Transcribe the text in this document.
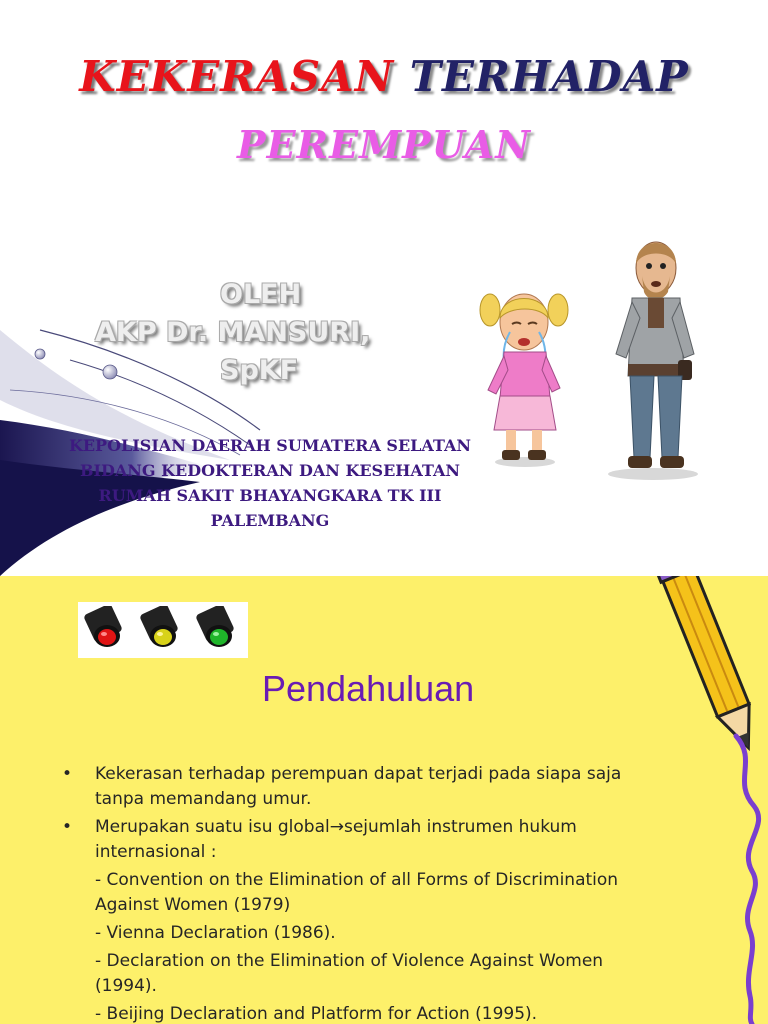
KEKERASAN TERHADAP
PEREMPUAN
OLEH
AKP Dr. MANSURI,
SpKF
KEPOLISIAN DAERAH SUMATERA SELATAN
BIDANG KEDOKTERAN DAN KESEHATAN
RUMAH SAKIT BHAYANGKARA TK III
PALEMBANG
Pendahuluan
• Kekerasan terhadap perempuan dapat terjadi pada siapa saja tanpa memandang umur.
• Merupakan suatu isu global→sejumlah instrumen hukum internasional :
- Convention on the Elimination of all Forms of Discrimination Against Women (1979)
- Vienna Declaration (1986).
- Declaration on the Elimination of Violence Against Women (1994).
- Beijing Declaration and Platform for Action (1995).
